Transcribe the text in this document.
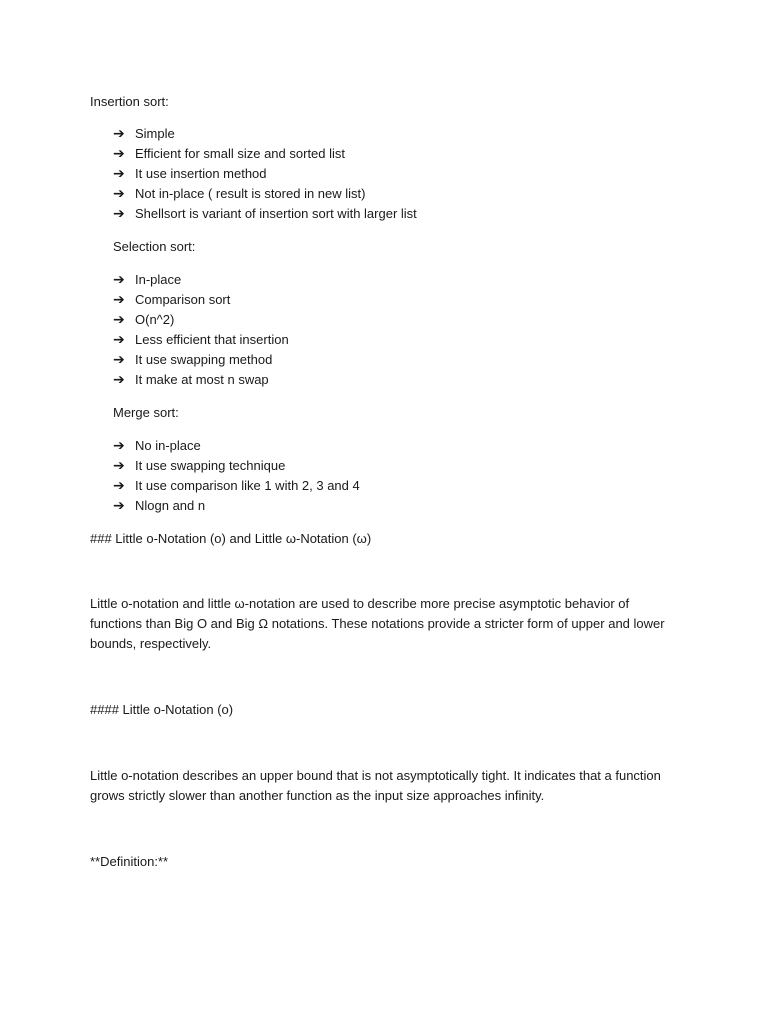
Insertion sort:
➔Simple
➔ Efficient for small size and sorted list
➔ It use insertion method
➔ Not in-place ( result is stored in new list)
➔ Shellsort is variant of insertion sort with larger list
Selection sort:
➔ In-place
➔ Comparison sort
➔ O(n^2)
➔ Less efficient that insertion
➔ It use swapping method
➔ It make at most n swap
Merge sort:
➔ No in-place
➔ It use swapping technique
➔ It use comparison like 1 with 2, 3 and 4
➔ Nlogn and n
### Little o-Notation (o) and Little ω-Notation (ω)
Little o-notation and little ω-notation are used to describe more precise asymptotic behavior of functions than Big O and Big Ω notations. These notations provide a stricter form of upper and lower bounds, respectively.
#### Little o-Notation (o)
Little o-notation describes an upper bound that is not asymptotically tight. It indicates that a function grows strictly slower than another function as the input size approaches infinity.
**Definition:**
